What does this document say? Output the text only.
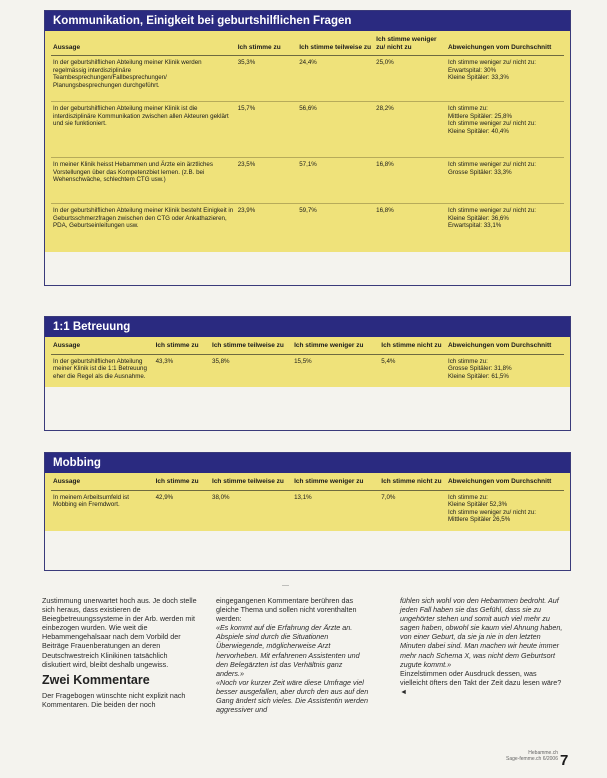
Kommunikation, Einigkeit bei geburtshilflichen Fragen
Aussage	Ich stimme zu	Ich stimme teilweise zu	Ich stimme weniger zu/ nicht zu	Abweichungen vom Durchschnitt
In der geburtshilflichen Abteilung meiner Klinik werden regelmässig interdisziplinäre Teambesprechungen/Fallbesprechungen/ Planungsbesprechungen durchgeführt.	35,3%	24,4%	25,0%	Ich stimme weniger zu/ nicht zu:
Erwartspital: 30%
Kleine Spitäler: 33,3%
In der geburtshilflichen Abteilung meiner Klinik ist die interdisziplinäre Kommunikation zwischen allen Akteuren geklärt und sie funktioniert.	15,7%	56,6%	28,2%	Ich stimme zu:
Mittlere Spitäler: 25,8%
Ich stimme weniger zu/ nicht zu:
Kleine Spitäler: 40,4%
In meiner Klinik heisst Hebammen und Ärzte ein ärztliches Vorstellungen über das Kompetenzbiet lernen. (z.B. bei Wehenschwäche, schlechtem CTG usw.)	23,5%	57,1%	16,8%	Ich stimme weniger zu/ nicht zu:
Grosse Spitäler: 33,3%
In der geburtshilflichen Abteilung meiner Klinik besteht Einigkeit in Geburtsschmerzfragen zwischen den CTG oder Ankathazieren, PDA, Geburtseinleitungen usw.	23,9%	59,7%	16,8%	Ich stimme weniger zu/ nicht zu:
Kleine Spitäler: 36,6%
Erwartspital: 33,1%
1:1 Betreuung
Aussage	Ich stimme zu	Ich stimme teilweise zu	Ich stimme weniger zu	Ich stimme nicht zu	Abweichungen vom Durchschnitt
In der geburtshilflichen Abteilung meiner Klinik ist die 1:1 Betreuung eher die Regel als die Ausnahme.	43,3%	35,8%	15,5%	5,4%	Ich stimme zu:
Grosse Spitäler: 31,8%
Kleine Spitäler: 61,5%
Mobbing
Aussage	Ich stimme zu	Ich stimme teilweise zu	Ich stimme weniger zu	Ich stimme nicht zu	Abweichungen vom Durchschnitt
In meinem Arbeitsumfeld ist Mobbing ein Fremdwort.	42,9%	38,0%	13,1%	7,0%	Ich stimme zu:
Kleine Spitäler 52,3%
Ich stimme weniger zu/ nicht zu:
Mittlere Spitäler 26,5%
—

Zustimmung unerwartet hoch aus. Je doch stelle sich heraus, dass existieren de Beiegbetreuungssysteme in der Arb. werden mit einbezogen wurden. Wie weit die Hebammengehalsaar nach dem Vorbild der Beiträge Frauenberatungen an deren Deutschwestreich Klinikinen tatsächlich diskutiert wird, bleibt deshalb ungewiss.

Zwei Kommentare

Der Fragebogen wünschte nicht explizit nach Kommentaren. Die beiden der noch

eingegangenen Kommentare berühren das gleiche Thema und sollen nicht vorenthalten werden:

«Es kommt auf die Erfahrung der Ärzte an. Abspiele sind durch die Situationen Überwiegende, möglicherweise Arzt hervorheben. Mit erfahrenen Assistenten und den Belegärzten ist das Verhältnis ganz anders.»

«Noch vor kurzer Zeit wäre diese Umfrage viel besser ausgefallen, aber durch den aus auf den Gang ändert sich vieles. Die Assistentin werden aggressiver und

fühlen sich wohl von den Hebammen bedroht. Auf jeden Fall haben sie das Gefühl, dass sie zu ungehörter stehen und somit auch viel mehr zu sagen haben, obwohl sie kaum viel Ahnung haben, von einer Geburt, da sie ja nie in den letzten Minuten dabei sind. Man machen wir heute immer mehr nach Schema X, was nicht dem Geburtsort zugute kommt.»

Einzelstimmen oder Ausdruck dessen, was vielleicht öfters den Takt der Zeit dazu lesen wäre? ◄

Hebamme.ch
Sage-femme.ch 6/2006 7
